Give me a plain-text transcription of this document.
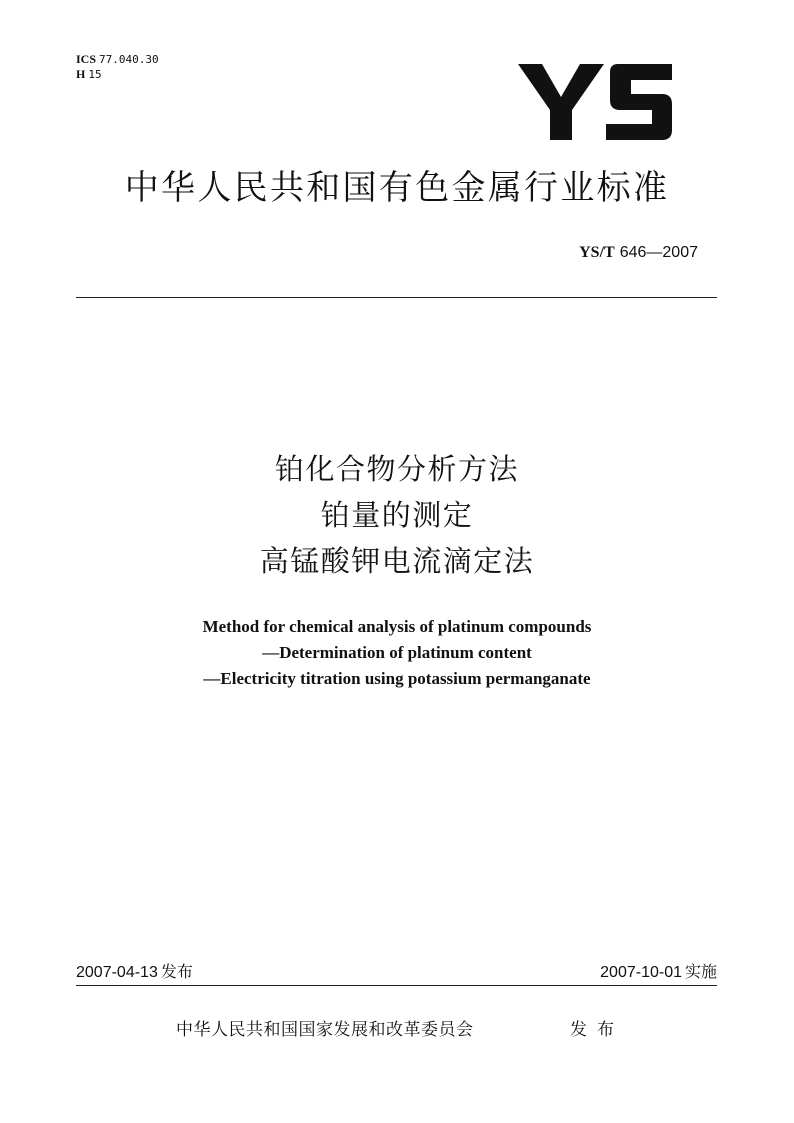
ICS 77.040.30
H 15
中华人民共和国有色金属行业标准
YS/T 646—2007
铂化合物分析方法
铂量的测定
高锰酸钾电流滴定法
Method for chemical analysis of platinum compounds
—Determination of platinum content
—Electricity titration using potassium permanganate
2007-04-13 发布	2007-10-01 实施
中华人民共和国国家发展和改革委员会	发布
